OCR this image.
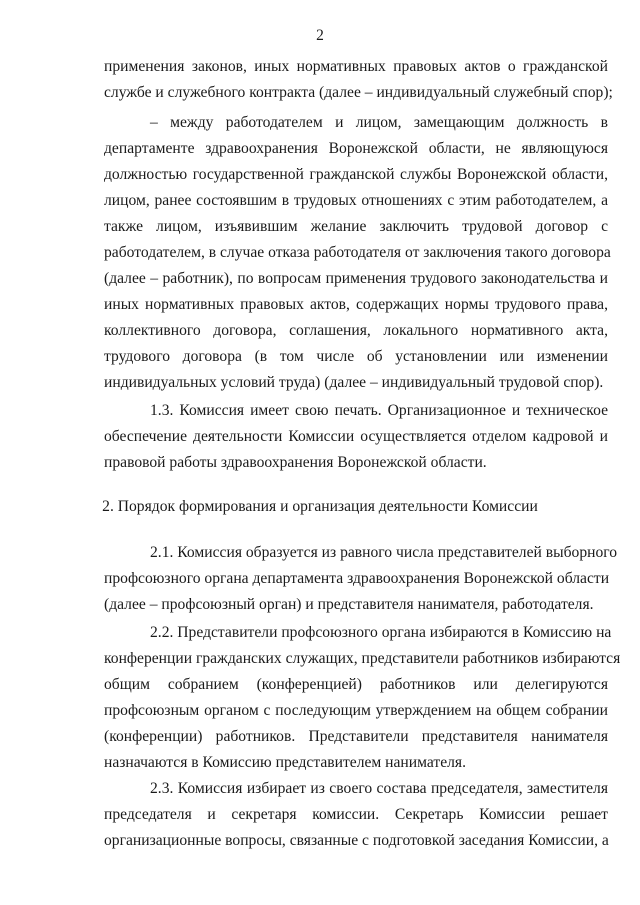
2
применения законов, иных нормативных правовых актов о гражданской
службе и служебного контракта (далее – индивидуальный служебный спор);
– между работодателем и лицом, замещающим должность в
департаменте здравоохранения Воронежской области, не являющуюся
должностью государственной гражданской службы Воронежской области,
лицом, ранее состоявшим в трудовых отношениях с этим работодателем, а
также лицом, изъявившим желание заключить трудовой договор с
работодателем, в случае отказа работодателя от заключения такого договора
(далее – работник), по вопросам применения трудового законодательства и
иных нормативных правовых актов, содержащих нормы трудового права,
коллективного договора, соглашения, локального нормативного акта,
трудового договора (в том числе об установлении или изменении
индивидуальных условий труда) (далее – индивидуальный трудовой спор).
1.3. Комиссия имеет свою печать. Организационное и техническое
обеспечение деятельности Комиссии осуществляется отделом кадровой и
правовой работы здравоохранения Воронежской области.
2. Порядок формирования и организация деятельности Комиссии
2.1. Комиссия образуется из равного числа представителей выборного
профсоюзного органа департамента здравоохранения Воронежской области
(далее – профсоюзный орган) и представителя нанимателя, работодателя.
2.2. Представители профсоюзного органа избираются в Комиссию на
конференции гражданских служащих, представители работников избираются
общим собранием (конференцией) работников или делегируются
профсоюзным органом с последующим утверждением на общем собрании
(конференции) работников. Представители представителя нанимателя
назначаются в Комиссию представителем нанимателя.
2.3. Комиссия избирает из своего состава председателя, заместителя
председателя и секретаря комиссии. Секретарь Комиссии решает
организационные вопросы, связанные с подготовкой заседания Комиссии, а
